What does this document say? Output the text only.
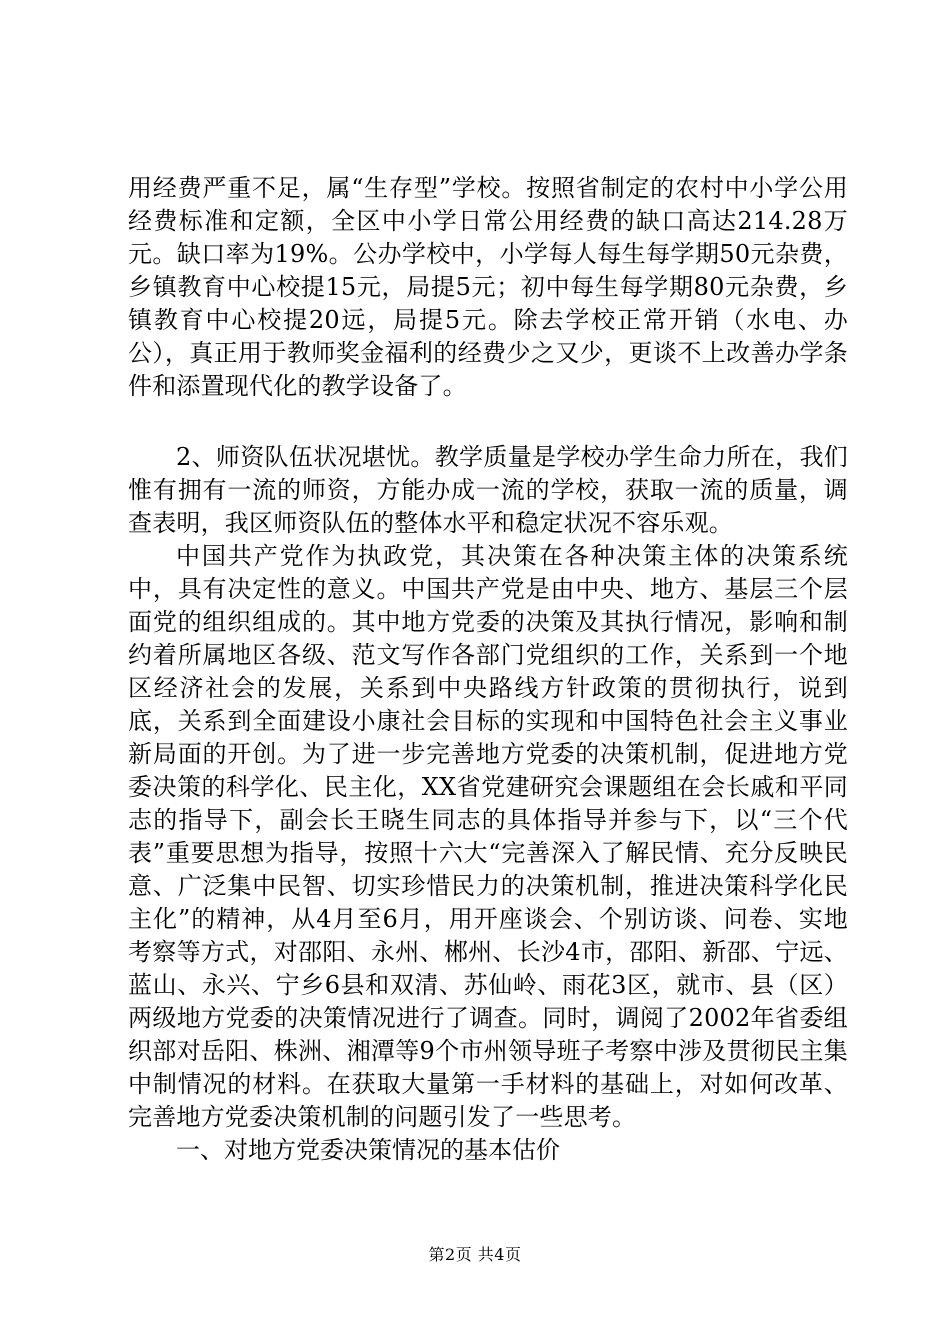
用经费严重不足，属“生存型”学校。按照省制定的农村中小学公用经费标准和定额，全区中小学日常公用经费的缺口高达214.28万元。缺口率为19%。公办学校中，小学每人每生每学期50元杂费，乡镇教育中心校提15元，局提5元；初中每生每学期80元杂费，乡镇教育中心校提20远，局提5元。除去学校正常开销（水电、办公），真正用于教师奖金福利的经费少之又少，更谈不上改善办学条件和添置现代化的教学设备了。

2、师资队伍状况堪忧。教学质量是学校办学生命力所在，我们惟有拥有一流的师资，方能办成一流的学校，获取一流的质量，调查表明，我区师资队伍的整体水平和稳定状况不容乐观。

中国共产党作为执政党，其决策在各种决策主体的决策系统中，具有决定性的意义。中国共产党是由中央、地方、基层三个层面党的组织组成的。其中地方党委的决策及其执行情况，影响和制约着所属地区各级、范文写作各部门党组织的工作，关系到一个地区经济社会的发展，关系到中央路线方针政策的贯彻执行，说到底，关系到全面建设小康社会目标的实现和中国特色社会主义事业新局面的开创。为了进一步完善地方党委的决策机制，促进地方党委决策的科学化、民主化，XX省党建研究会课题组在会长戚和平同志的指导下，副会长王晓生同志的具体指导并参与下，以“三个代表”重要思想为指导，按照十六大“完善深入了解民情、充分反映民意、广泛集中民智、切实珍惜民力的决策机制，推进决策科学化民主化”的精神，从4月至6月，用开座谈会、个别访谈、问卷、实地考察等方式，对邵阳、永州、郴州、长沙4市，邵阳、新邵、宁远、蓝山、永兴、宁乡6县和双清、苏仙岭、雨花3区，就市、县（区）两级地方党委的决策情况进行了调查。同时，调阅了2002年省委组织部对岳阳、株洲、湘潭等9个市州领导班子考察中涉及贯彻民主集中制情况的材料。在获取大量第一手材料的基础上，对如何改革、完善地方党委决策机制的问题引发了一些思考。

一、对地方党委决策情况的基本估价

第2页 共4页
